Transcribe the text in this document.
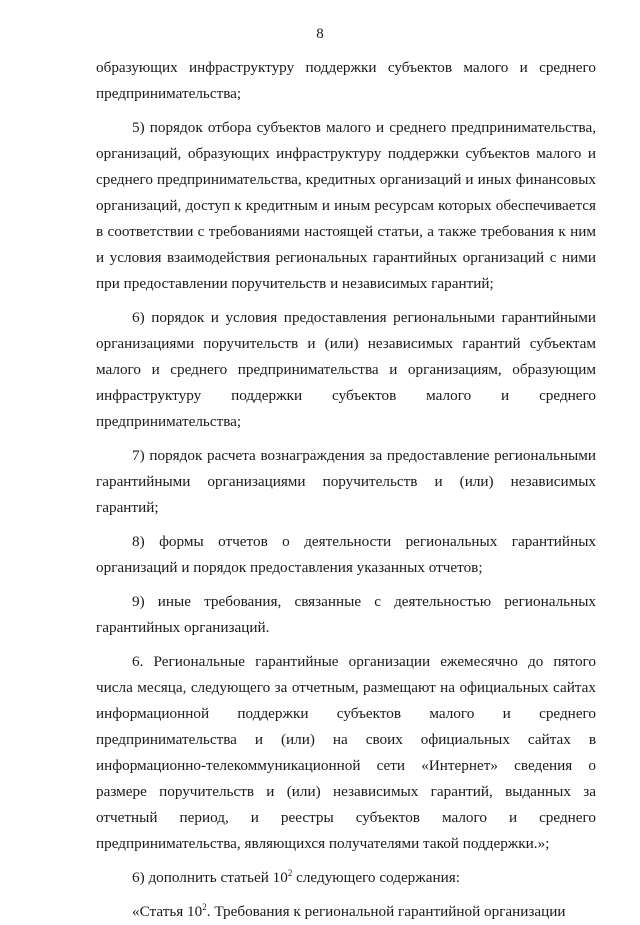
8

образующих инфраструктуру поддержки субъектов малого и среднего предпринимательства;

5) порядок отбора субъектов малого и среднего предпринимательства, организаций, образующих инфраструктуру поддержки субъектов малого и среднего предпринимательства, кредитных организаций и иных финансовых организаций, доступ к кредитным и иным ресурсам которых обеспечивается в соответствии с требованиями настоящей статьи, а также требования к ним и условия взаимодействия региональных гарантийных организаций с ними при предоставлении поручительств и независимых гарантий;

6) порядок и условия предоставления региональными гарантийными организациями поручительств и (или) независимых гарантий субъектам малого и среднего предпринимательства и организациям, образующим инфраструктуру поддержки субъектов малого и среднего предпринимательства;

7) порядок расчета вознаграждения за предоставление региональными гарантийными организациями поручительств и (или) независимых гарантий;

8) формы отчетов о деятельности региональных гарантийных организаций и порядок предоставления указанных отчетов;

9) иные требования, связанные с деятельностью региональных гарантийных организаций.

6. Региональные гарантийные организации ежемесячно до пятого числа месяца, следующего за отчетным, размещают на официальных сайтах информационной поддержки субъектов малого и среднего предпринимательства и (или) на своих официальных сайтах в информационно-телекоммуникационной сети «Интернет» сведения о размере поручительств и (или) независимых гарантий, выданных за отчетный период, и реестры субъектов малого и среднего предпринимательства, являющихся получателями такой поддержки.»;

6) дополнить статьей $10^2$ следующего содержания:

«Статья $10^2$. Требования к региональной гарантийной организации
